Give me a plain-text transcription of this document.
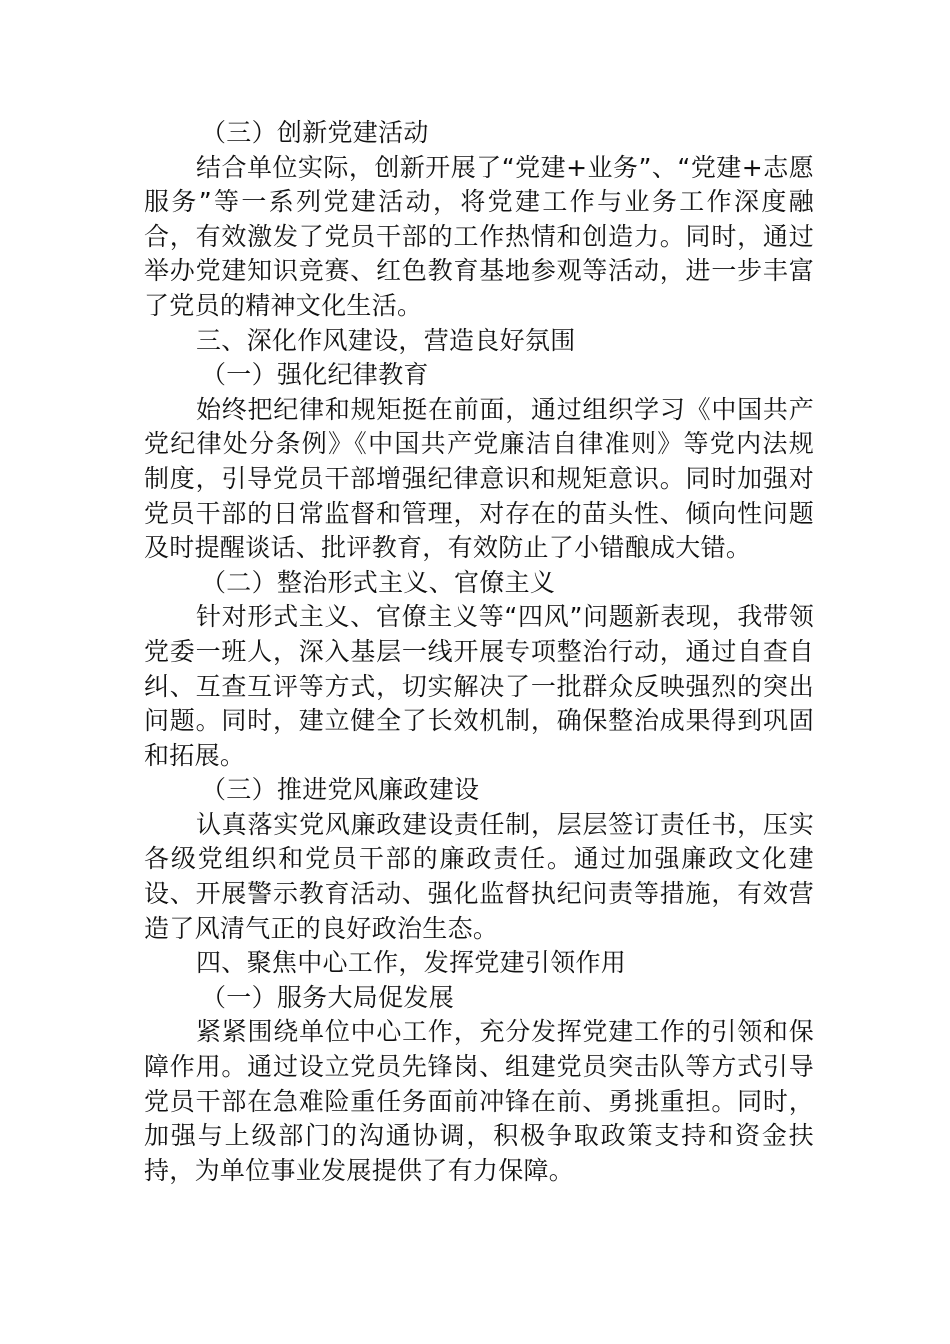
（三）创新党建活动
结合单位实际，创新开展了“党建+业务”、“党建+志愿服务”等一系列党建活动，将党建工作与业务工作深度融合，有效激发了党员干部的工作热情和创造力。同时，通过举办党建知识竞赛、红色教育基地参观等活动，进一步丰富了党员的精神文化生活。
三、深化作风建设，营造良好氛围
（一）强化纪律教育
始终把纪律和规矩挺在前面，通过组织学习《中国共产党纪律处分条例》《中国共产党廉洁自律准则》等党内法规制度，引导党员干部增强纪律意识和规矩意识。同时加强对党员干部的日常监督和管理，对存在的苗头性、倾向性问题及时提醒谈话、批评教育，有效防止了小错酿成大错。
（二）整治形式主义、官僚主义
针对形式主义、官僚主义等“四风”问题新表现，我带领党委一班人，深入基层一线开展专项整治行动，通过自查自纠、互查互评等方式，切实解决了一批群众反映强烈的突出问题。同时，建立健全了长效机制，确保整治成果得到巩固和拓展。
（三）推进党风廉政建设
认真落实党风廉政建设责任制，层层签订责任书，压实各级党组织和党员干部的廉政责任。通过加强廉政文化建设、开展警示教育活动、强化监督执纪问责等措施，有效营造了风清气正的良好政治生态。
四、聚焦中心工作，发挥党建引领作用
（一）服务大局促发展
紧紧围绕单位中心工作，充分发挥党建工作的引领和保障作用。通过设立党员先锋岗、组建党员突击队等方式引导党员干部在急难险重任务面前冲锋在前、勇挑重担。同时，加强与上级部门的沟通协调，积极争取政策支持和资金扶持，为单位事业发展提供了有力保障。
